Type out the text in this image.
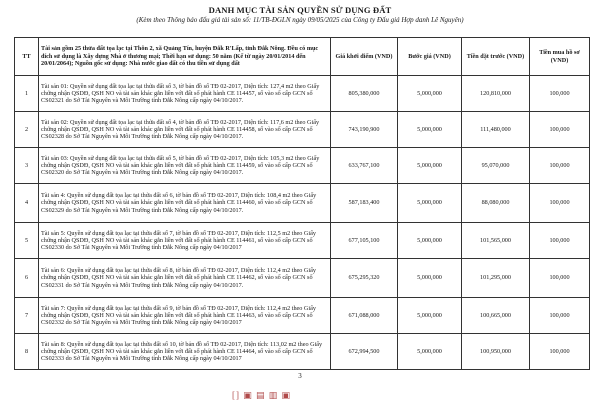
DANH MỤC TÀI SẢN QUYỀN SỬ DỤNG ĐẤT
(Kèm theo Thông báo đấu giá tài sản số: 11/TB-ĐGLN ngày 09/05/2025 của Công ty Đấu giá Hợp danh Lê Nguyên)
TT	Tài sản gồm 25 thửa đất tọa lạc tại Thôn 2, xã Quảng Tín, huyện Đắk R'Lấp, tỉnh Đắk Nông. Đều có mục đích sử dụng là Xây dựng Nhà ở thương mại; Thời hạn sử dụng: 50 năm (Kể từ ngày 20/01/2014 đến 20/01/2064); Nguồn gốc sử dụng: Nhà nước giao đất có thu tiền sử dụng đất	Giá khởi điểm (VND)	Bước giá (VND)	Tiền đặt trước (VND)	Tiền mua hồ sơ (VND)
1	Tài sản 01: Quyền sử dụng đất tọa lạc tại thửa đất số 3, tờ bản đồ số TĐ 02-2017, Diện tích: 127,4 m2 theo Giấy chứng nhận QSDĐ, QSH NO và tài sản khác gắn liền với đất số phát hành CE 114457, số vào sổ cấp GCN số CS02321 do Sở Tài Nguyên và Môi Trường tỉnh Đắk Nông cấp ngày 04/10/2017.	805,380,000	5,000,000	120,810,000	100,000
2	Tài sản 02: Quyền sử dụng đất tọa lạc tại thửa đất số 4, tờ bản đồ số TĐ 02-2017, Diện tích: 117,6 m2 theo Giấy chứng nhận QSDĐ, QSH NO và tài sản khác gắn liền với đất số phát hành CE 114458, số vào sổ cấp GCN số CS02328 do Sở Tài Nguyên và Môi Trường tỉnh Đắk Nông cấp ngày 04/10/2017.	743,190,900	5,000,000	111,480,000	100,000
3	Tài sản 03: Quyền sử dụng đất tọa lạc tại thửa đất số 5, tờ bản đồ số TĐ 02-2017, Diện tích: 105,3 m2 theo Giấy chứng nhận QSDĐ, QSH NO và tài sản khác gắn liền với đất số phát hành CE 114459, số vào sổ cấp GCN số CS02320 do Sở Tài Nguyên và Môi Trường tỉnh Đắk Nông cấp ngày 04/10/2017.	633,767,100	5,000,000	95,070,000	100,000
4	Tài sản 4: Quyền sử dụng đất tọa lạc tại thửa đất số 6, tờ bản đồ số TĐ 02-2017, Diện tích: 108,4 m2 theo Giấy chứng nhận QSDĐ, QSH NO và tài sản khác gắn liền với đất số phát hành CE 114460, số vào sổ cấp GCN số CS02329 do Sở Tài Nguyên và Môi Trường tỉnh Đắk Nông cấp ngày 04/10/2017.	587,183,400	5,000,000	88,080,000	100,000
5	Tài sản 5: Quyền sử dụng đất tọa lạc tại thửa đất số 7, tờ bản đồ số TĐ 02-2017, Diện tích: 112,5 m2 theo Giấy chứng nhận QSDĐ, QSH NO và tài sản khác gắn liền với đất số phát hành CE 114461, số vào sổ cấp GCN số CS02330 do Sở Tài Nguyên và Môi Trường tỉnh Đắk Nông cấp ngày 04/10/2017	677,105,100	5,000,000	101,565,000	100,000
6	Tài sản 6: Quyền sử dụng đất tọa lạc tại thửa đất số 8, tờ bản đồ số TĐ 02-2017, Diện tích: 112,4 m2 theo Giấy chứng nhận QSDĐ, QSH NO và tài sản khác gắn liền với đất số phát hành CE 114462, số vào sổ cấp GCN số CS02331 do Sở Tài Nguyên và Môi Trường tỉnh Đắk Nông cấp ngày 04/10/2017.	675,295,320	5,000,000	101,295,000	100,000
7	Tài sản 7: Quyền sử dụng đất tọa lạc tại thửa đất số 9, tờ bản đồ số TĐ 02-2017, Diện tích: 112,4 m2 theo Giấy chứng nhận QSDĐ, QSH NO và tài sản khác gắn liền với đất số phát hành CE 114463, số vào sổ cấp GCN số CS02332 do Sở Tài Nguyên và Môi Trường tỉnh Đắk Nông cấp ngày 04/10/2017	671,088,000	5,000,000	100,665,000	100,000
8	Tài sản 8: Quyền sử dụng đất tọa lạc tại thửa đất số 10, tờ bản đồ số TĐ 02-2017, Diện tích: 113,02 m2 theo Giấy chứng nhận QSDĐ, QSH NO và tài sản khác gắn liền với đất số phát hành CE 114464, số vào sổ cấp GCN số CS02333 do Sở Tài Nguyên và Môi Trường tỉnh Đắk Nông cấp ngày 04/10/2017	672,994,500	5,000,000	100,950,000	100,000
3
[] ▣ ▤ ▥ ▣
